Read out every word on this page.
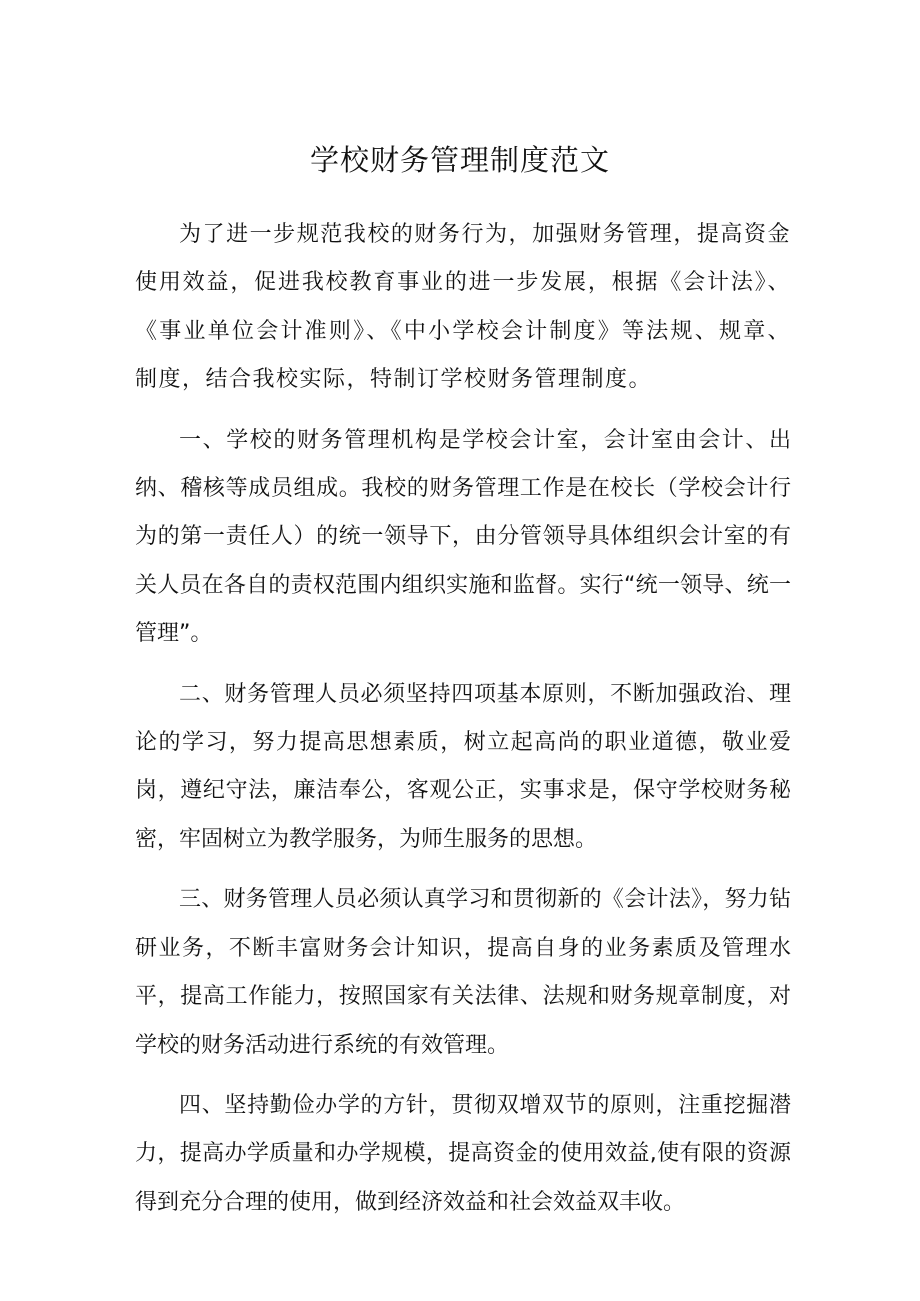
学校财务管理制度范文

为了进一步规范我校的财务行为，加强财务管理，提高资金使用效益，促进我校教育事业的进一步发展，根据《会计法》、《事业单位会计准则》、《中小学校会计制度》等法规、规章、制度，结合我校实际，特制订学校财务管理制度。

一、学校的财务管理机构是学校会计室，会计室由会计、出纳、稽核等成员组成。我校的财务管理工作是在校长（学校会计行为的第一责任人）的统一领导下，由分管领导具体组织会计室的有关人员在各自的责权范围内组织实施和监督。实行“统一领导、统一管理”。

二、财务管理人员必须坚持四项基本原则，不断加强政治、理论的学习，努力提高思想素质，树立起高尚的职业道德，敬业爱岗，遵纪守法，廉洁奉公，客观公正，实事求是，保守学校财务秘密，牢固树立为教学服务，为师生服务的思想。

三、财务管理人员必须认真学习和贯彻新的《会计法》，努力钻研业务，不断丰富财务会计知识，提高自身的业务素质及管理水平，提高工作能力，按照国家有关法律、法规和财务规章制度，对学校的财务活动进行系统的有效管理。

四、坚持勤俭办学的方针，贯彻双增双节的原则，注重挖掘潜力，提高办学质量和办学规模，提高资金的使用效益,使有限的资源得到充分合理的使用，做到经济效益和社会效益双丰收。
